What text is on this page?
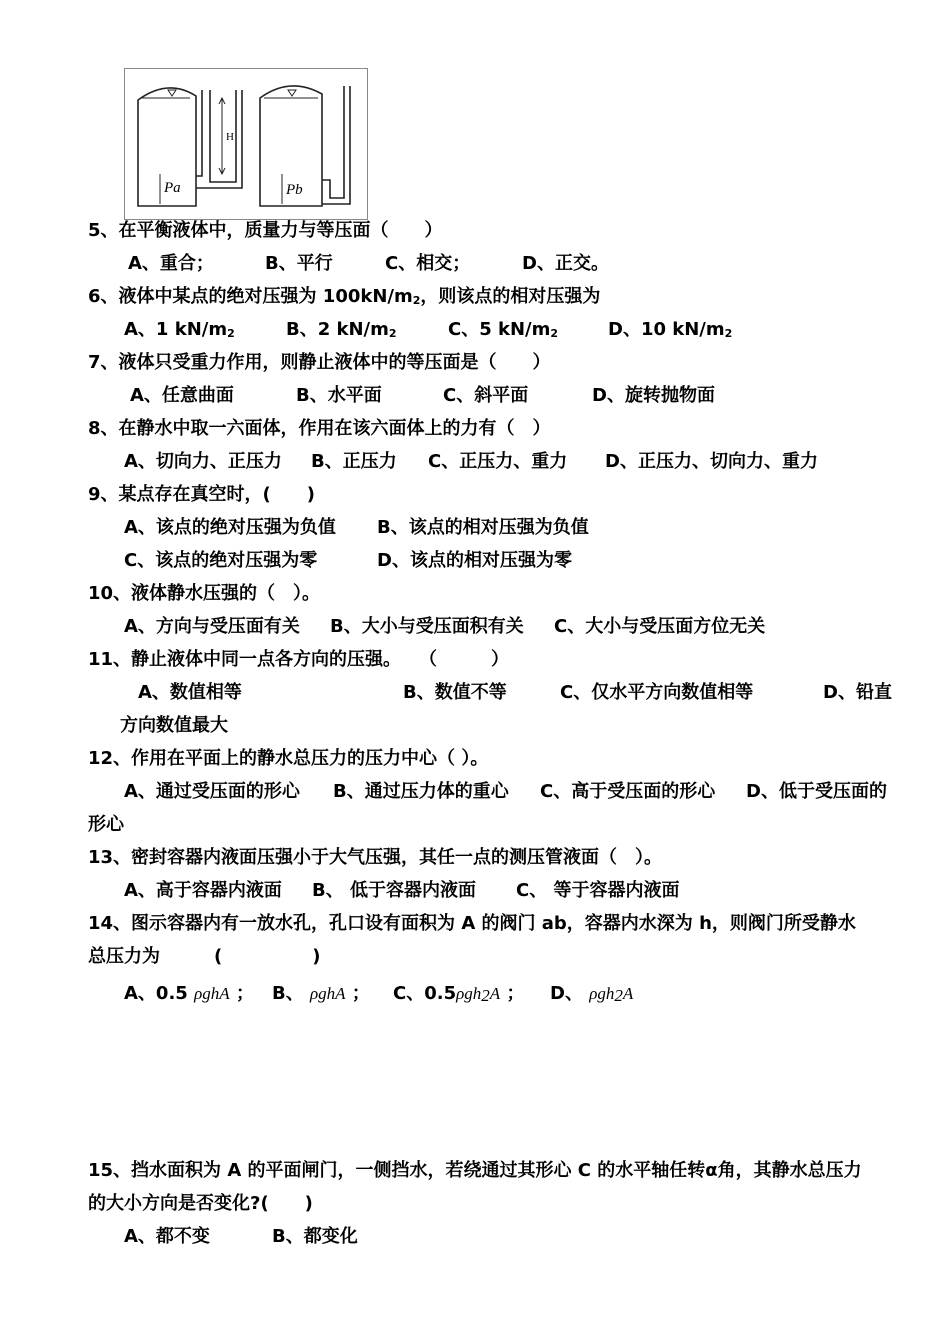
Pa	Pb
H
5、在平衡液体中，质量力与等压面（　　）
A、重合；	B、平行	C、相交；	D、正交。
6、液体中某点的绝对压强为 100kN/m2，则该点的相对压强为
A、1 kN/m2	B、2 kN/m2	C、5 kN/m2	D、10 kN/m2
7、液体只受重力作用，则静止液体中的等压面是（　　）
A、任意曲面	B、水平面	C、斜平面	D、旋转抛物面
8、在静水中取一六面体，作用在该六面体上的力有（　）
A、切向力、正压力 B、正压力 C、正压力、重力 D、正压力、切向力、重力
9、某点存在真空时，(　　)
A、该点的绝对压强为负值 B、该点的相对压强为负值
C、该点的绝对压强为零	D、该点的相对压强为零
10、液体静水压强的（　）。
A、方向与受压面有关 B、大小与受压面积有关 C、大小与受压面方位无关
11、静止液体中同一点各方向的压强。　　（　　　）
A、数值相等	B、数值不等	C、仅水平方向数值相等	D、铅直
方向数值最大
12、作用在平面上的静水总压力的压力中心（ ）。
A、通过受压面的形心 B、通过压力体的重心 C、高于受压面的形心 D、低于受压面的
形心
13、密封容器内液面压强小于大气压强，其任一点的测压管液面（　）。
A、高于容器内液面 B、 低于容器内液面 C、 等于容器内液面
14、图示容器内有一放水孔，孔口设有面积为 A 的阀门 ab，容器内水深为 h，则阀门所受静水
总压力为　　　(　　　　　)
A、0.5 ρghA ； B、 ρghA ； C、0.5ρgh2A ； D、 ρgh2A
15、挡水面积为 A 的平面闸门，一侧挡水，若绕通过其形心 C 的水平轴任转α角，其静水总压力
的大小方向是否变化?(　　)
A、都不变	B、都变化
